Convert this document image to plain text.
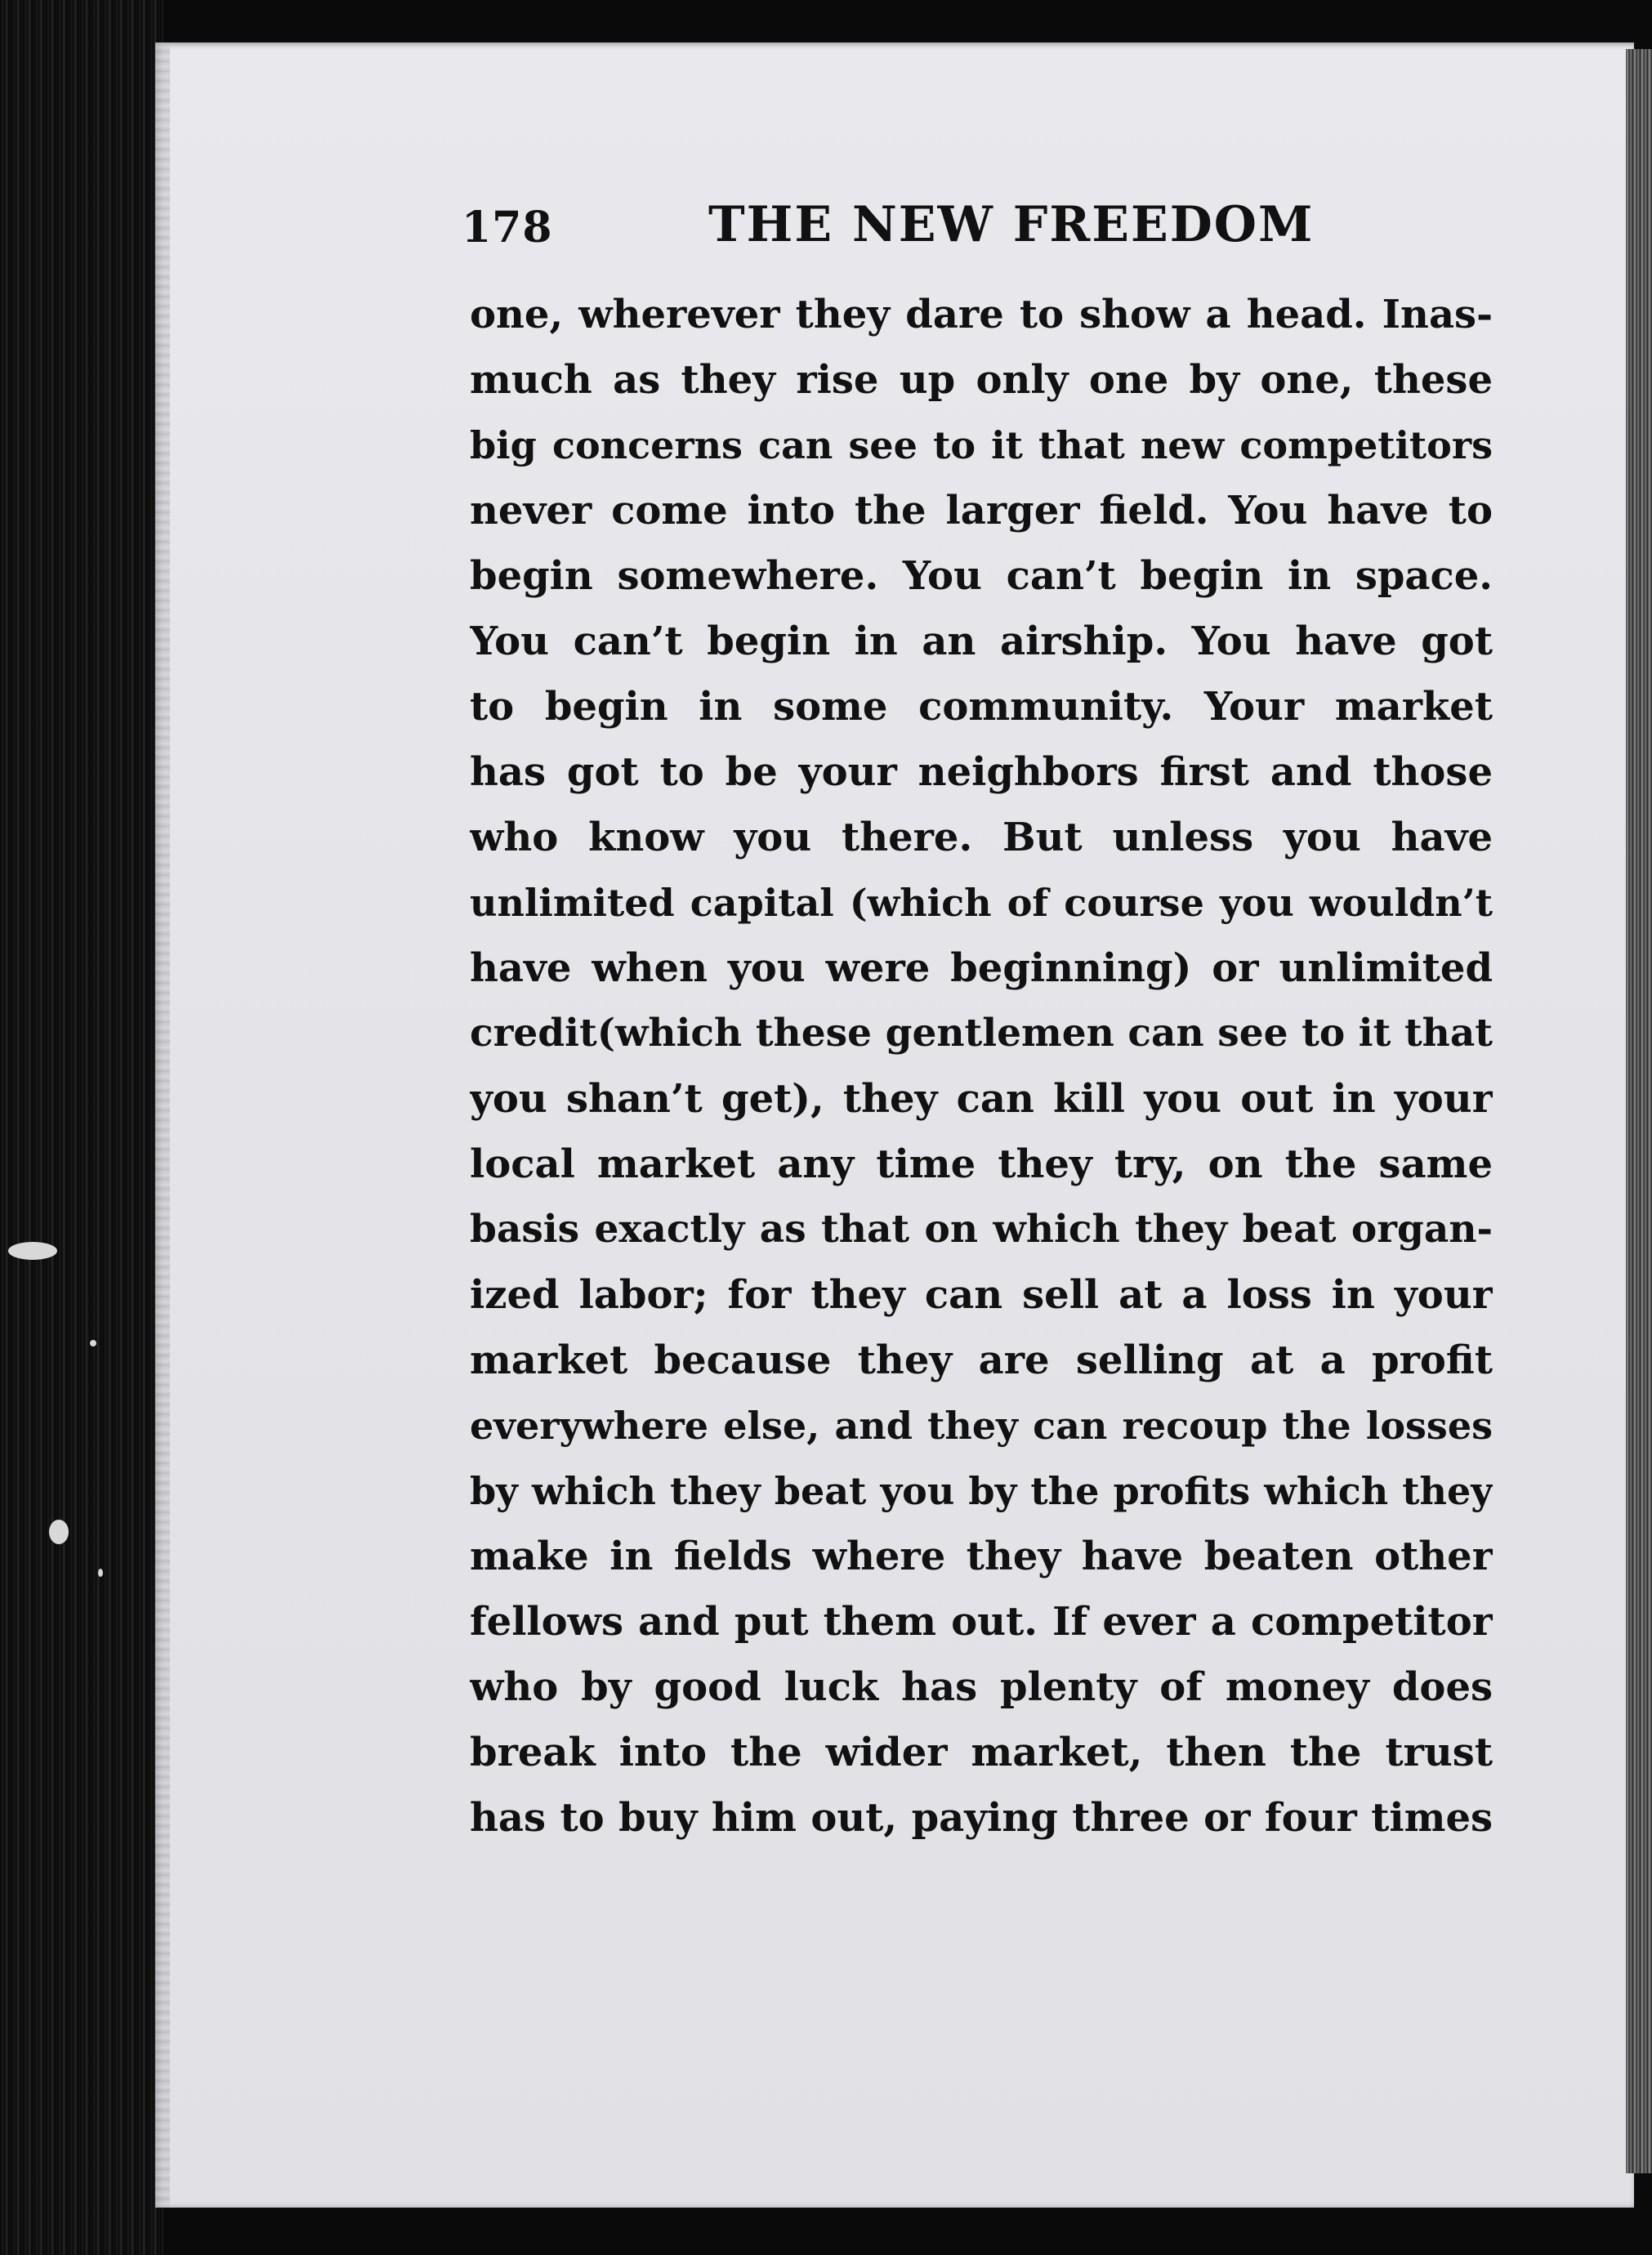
178	THE NEW FREEDOM
one, wherever they dare to show a head. Inas-
much as they rise up only one by one, these
big concerns can see to it that new competitors
never come into the larger field. You have to
begin somewhere. You can’t begin in space.
You can’t begin in an airship. You have got
to begin in some community. Your market
has got to be your neighbors first and those
who know you there. But unless you have
unlimited capital (which of course you wouldn’t
have when you were beginning) or unlimited
credit(which these gentlemen can see to it that
you shan’t get), they can kill you out in your
local market any time they try, on the same
basis exactly as that on which they beat organ-
ized labor; for they can sell at a loss in your
market because they are selling at a profit
everywhere else, and they can recoup the losses
by which they beat you by the profits which they
make in fields where they have beaten other
fellows and put them out. If ever a competitor
who by good luck has plenty of money does
break into the wider market, then the trust
has to buy him out, paying three or four times
